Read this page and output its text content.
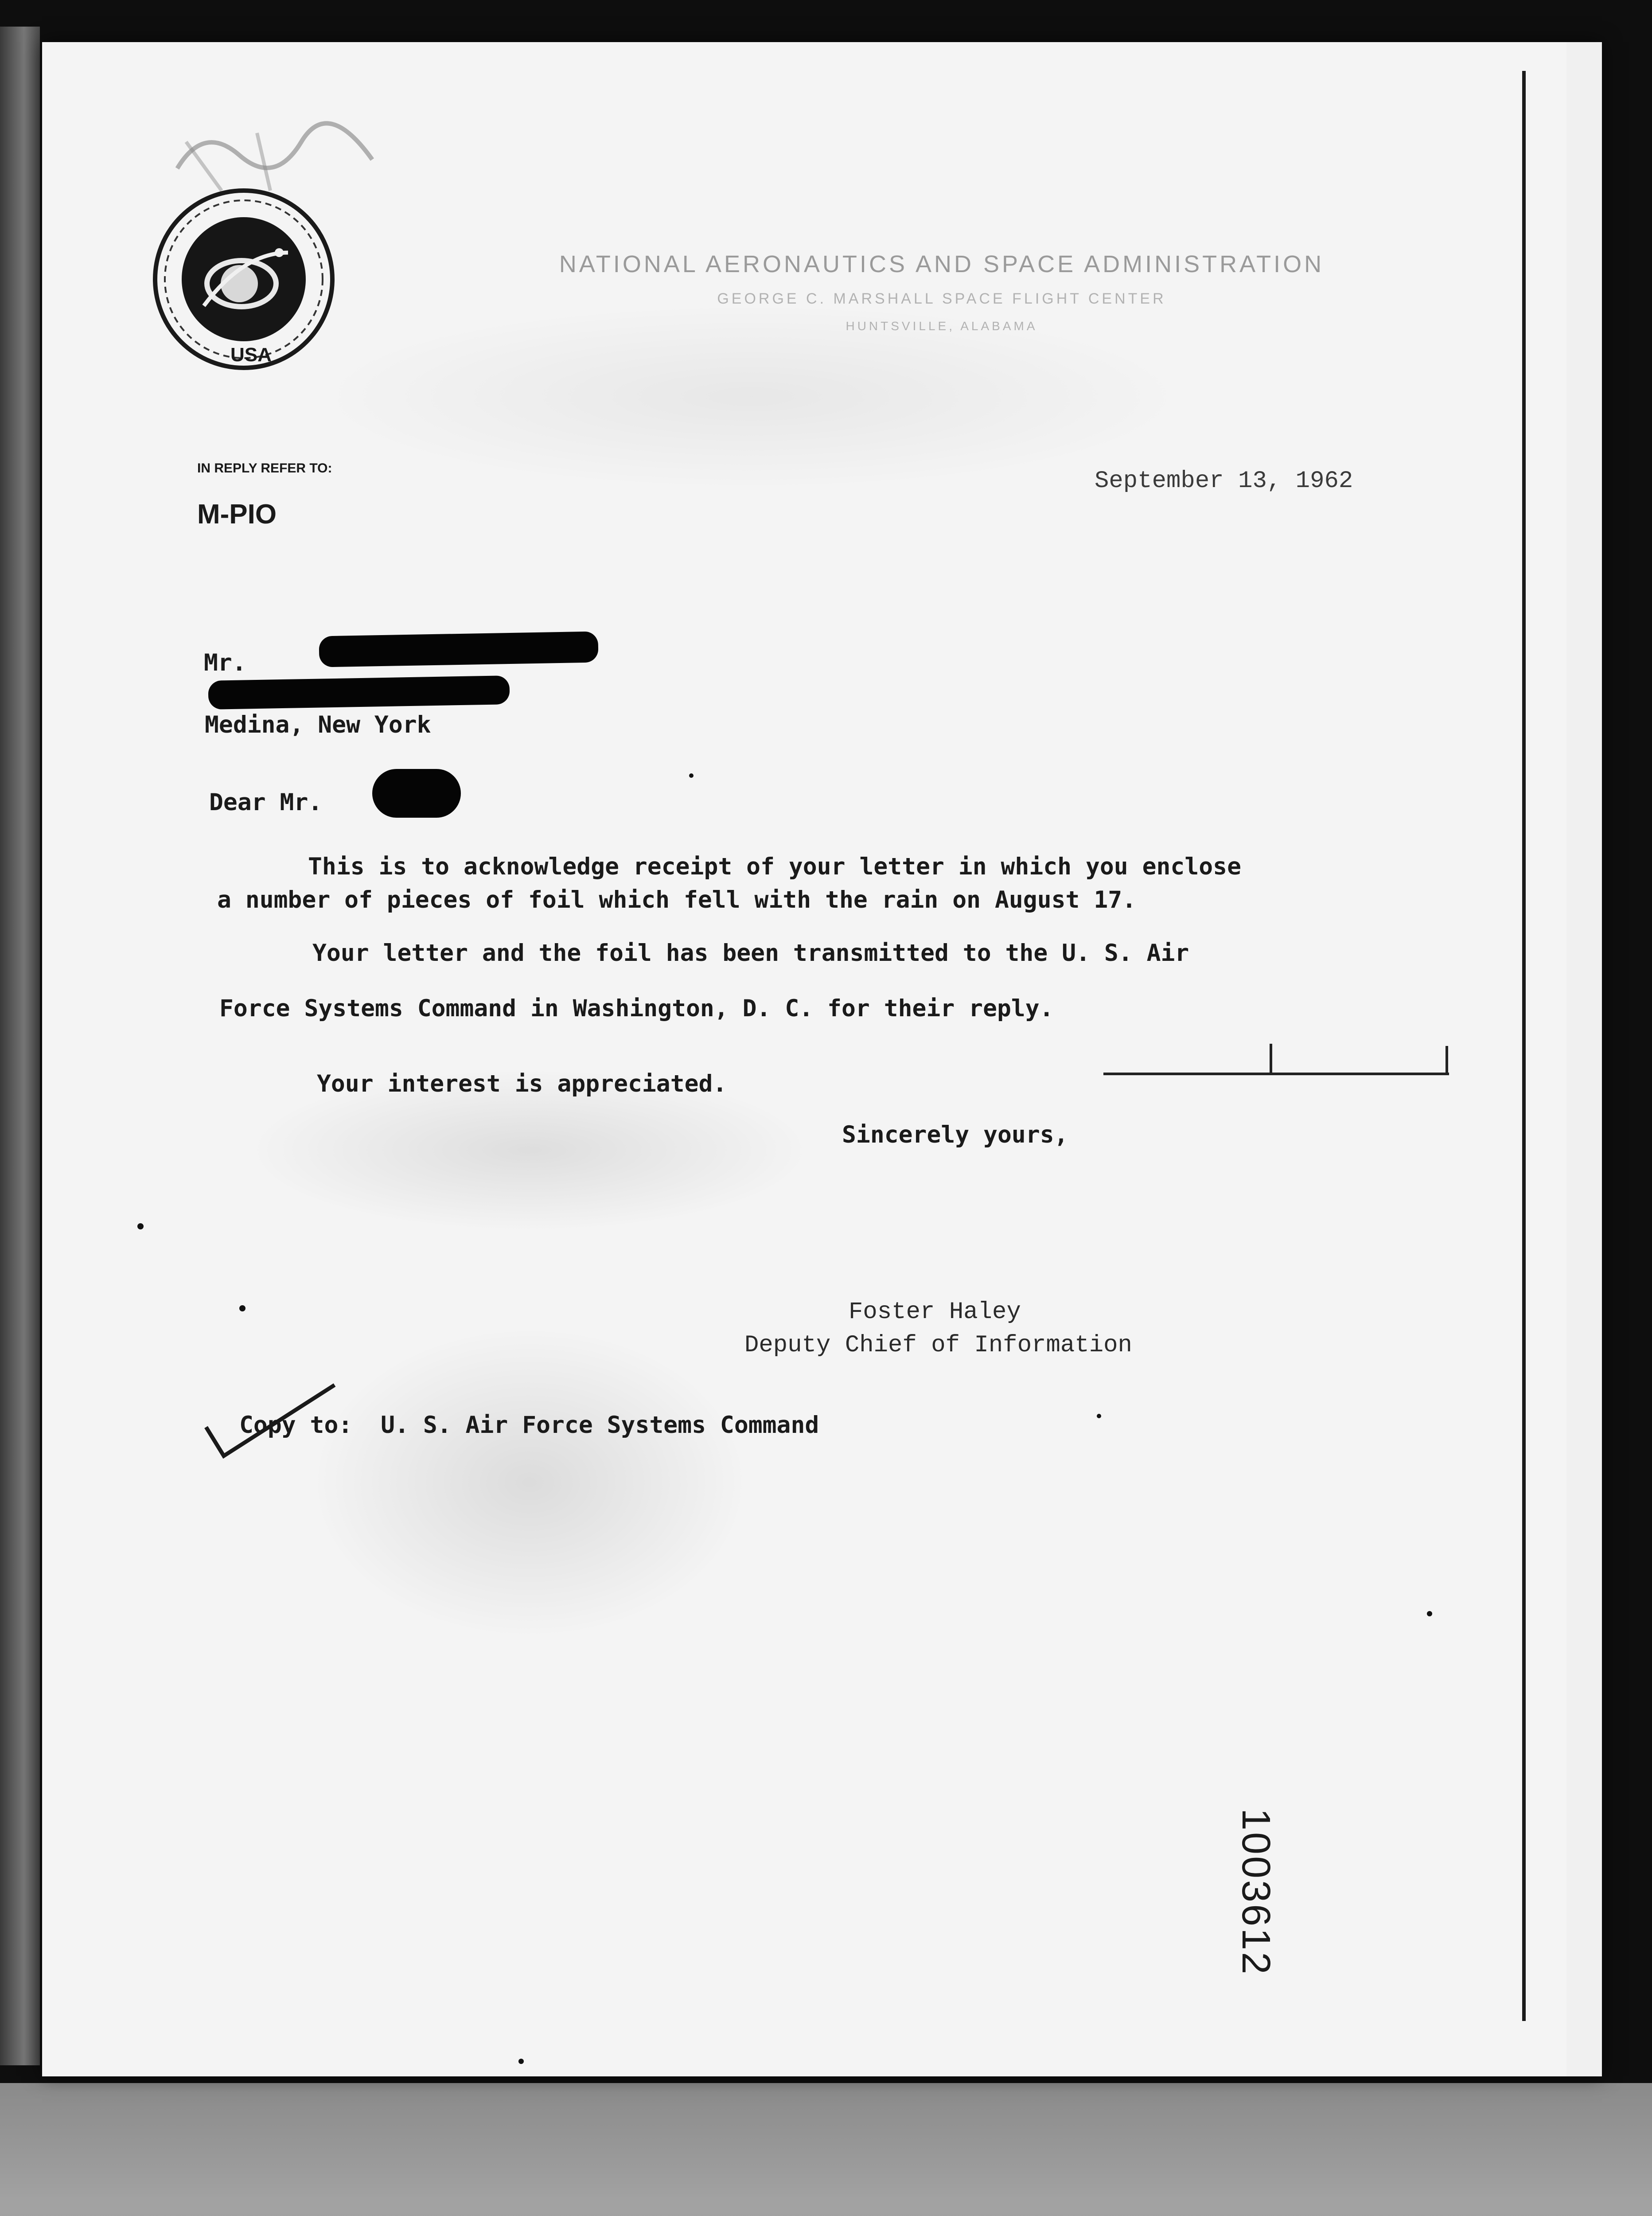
USA
NATIONAL AERONAUTICS AND SPACE ADMINISTRATION
GEORGE C. MARSHALL SPACE FLIGHT CENTER
HUNTSVILLE, ALABAMA
IN REPLY REFER TO:
M-PIO
September 13, 1962
Mr.
Medina, New York
Dear Mr.
This is to acknowledge receipt of your letter in which you enclose
a number of pieces of foil which fell with the rain on August 17.
Your letter and the foil has been transmitted to the U. S. Air
Force Systems Command in Washington, D. C. for their reply.
Your interest is appreciated.
Sincerely yours,
Foster Haley
Deputy Chief of Information
Copy to: U. S. Air Force Systems Command
1003612
